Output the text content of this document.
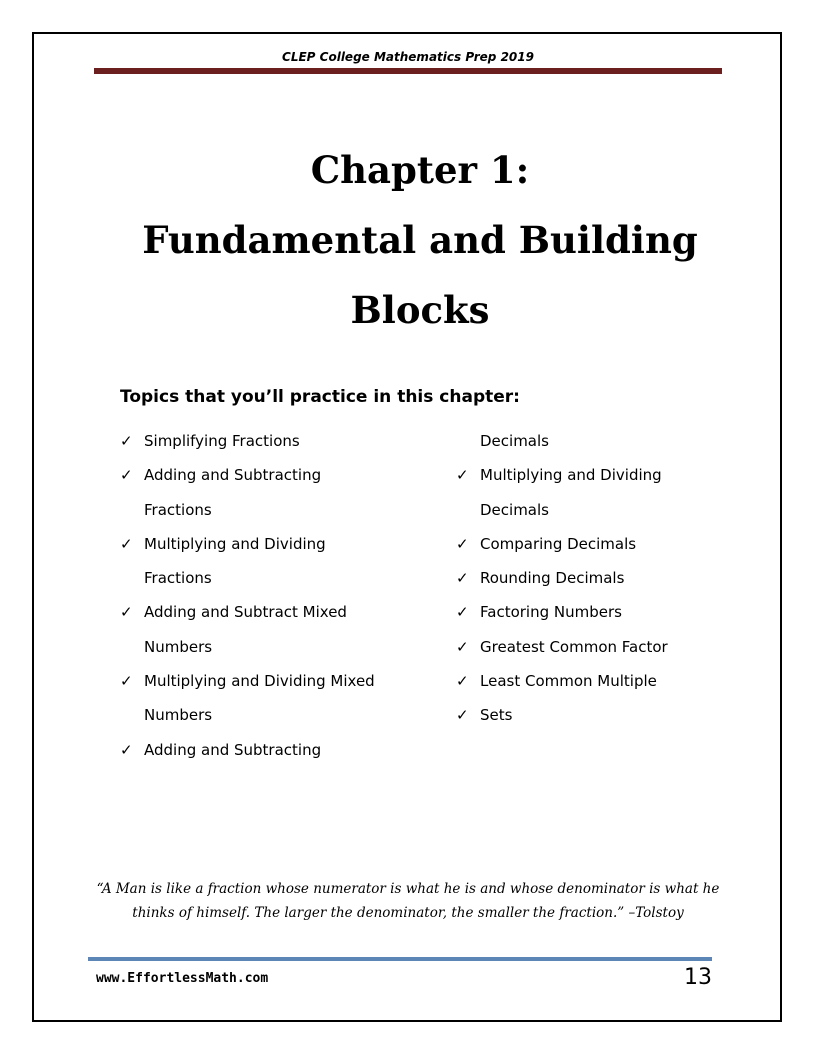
CLEP College Mathematics Prep 2019
Chapter 1:
Fundamental and Building
Blocks
Topics that you’ll practice in this chapter:
✓ Simplifying Fractions
✓ Adding and Subtracting
Fractions
✓ Multiplying and Dividing
Fractions
✓ Adding and Subtract Mixed
Numbers
✓ Multiplying and Dividing Mixed
Numbers
✓ Adding and Subtracting
Decimals
✓ Multiplying and Dividing
Decimals
✓ Comparing Decimals
✓ Rounding Decimals
✓ Factoring Numbers
✓ Greatest Common Factor
✓ Least Common Multiple
✓ Sets
“A Man is like a fraction whose numerator is what he is and whose denominator is what he
thinks of himself. The larger the denominator, the smaller the fraction.” –Tolstoy
www.EffortlessMath.com	13
